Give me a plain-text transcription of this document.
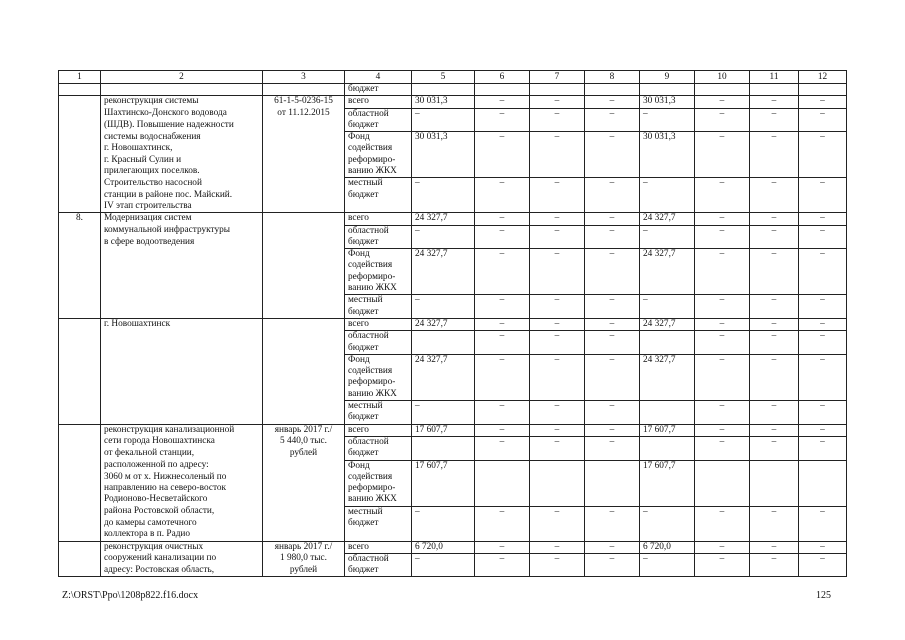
1	2	3	4	5	6	7	8	9	10	11	12
			бюджет								
	реконструкция системы	61-1-5-0236-15	всего	30 031,3	–	–	–	30 031,3	–	–	–
	Шахтинско-Донского водовода	от 11.12.2015	областной	–	–	–	–	–	–	–	–
	(ШДВ). Повышение надежности		бюджет								
	системы водоснабжения		Фонд	30 031,3	–	–	–	30 031,3	–	–	–
	г. Новошахтинск,		содействия								
	г. Красный Сулин и		реформиро-								
	прилегающих поселков.		ванию ЖКХ								
	Строительство насосной		местный	–	–	–	–	–	–	–	–
	станции в районе пос. Майский.		бюджет								
	IV этап строительства										
8.	Модернизация систем		всего	24 327,7	–	–	–	24 327,7	–	–	–
	коммунальной инфраструктуры		областной	–	–	–	–	–	–	–	–
	в сфере водоотведения		бюджет								
			Фонд	24 327,7	–	–	–	24 327,7	–	–	–
			содействия								
			реформиро-								
			ванию ЖКХ								
			местный	–	–	–	–	–	–	–	–
			бюджет								
	г. Новошахтинск		всего	24 327,7	–	–	–	24 327,7	–	–	–
			областной		–	–	–		–	–	–
			бюджет								
			Фонд	24 327,7	–	–	–	24 327,7	–	–	–
			содействия								
			реформиро-								
			ванию ЖКХ								
			местный	–	–	–	–		–	–	–
			бюджет								
	реконструкция канализационной	январь 2017 г./	всего	17 607,7	–	–	–	17 607,7	–	–	–
	сети города Новошахтинска	5 440,0 тыс.	областной		–	–	–		–	–	–
	от фекальной станции,	рублей	бюджет								
	расположенной по адресу:		Фонд	17 607,7				17 607,7			
	3060 м от х. Нижнесоленый по		содействия								
	направлению на северо-восток		реформиро-								
	Родионово-Несветайского		ванию ЖКХ								
	района Ростовской области,		местный	–	–	–	–	–	–	–	–
	до камеры самотечного		бюджет								
	коллектора в п. Радио										
	реконструкция очистных	январь 2017 г./	всего	6 720,0	–	–	–	6 720,0	–	–	–
	сооружений канализации по	1 980,0 тыс.	областной	–	–	–	–	–	–	–	–
	адресу: Ростовская область,	рублей	бюджет								
Z:\ORST\Ppo\1208p822.f16.docx	125
